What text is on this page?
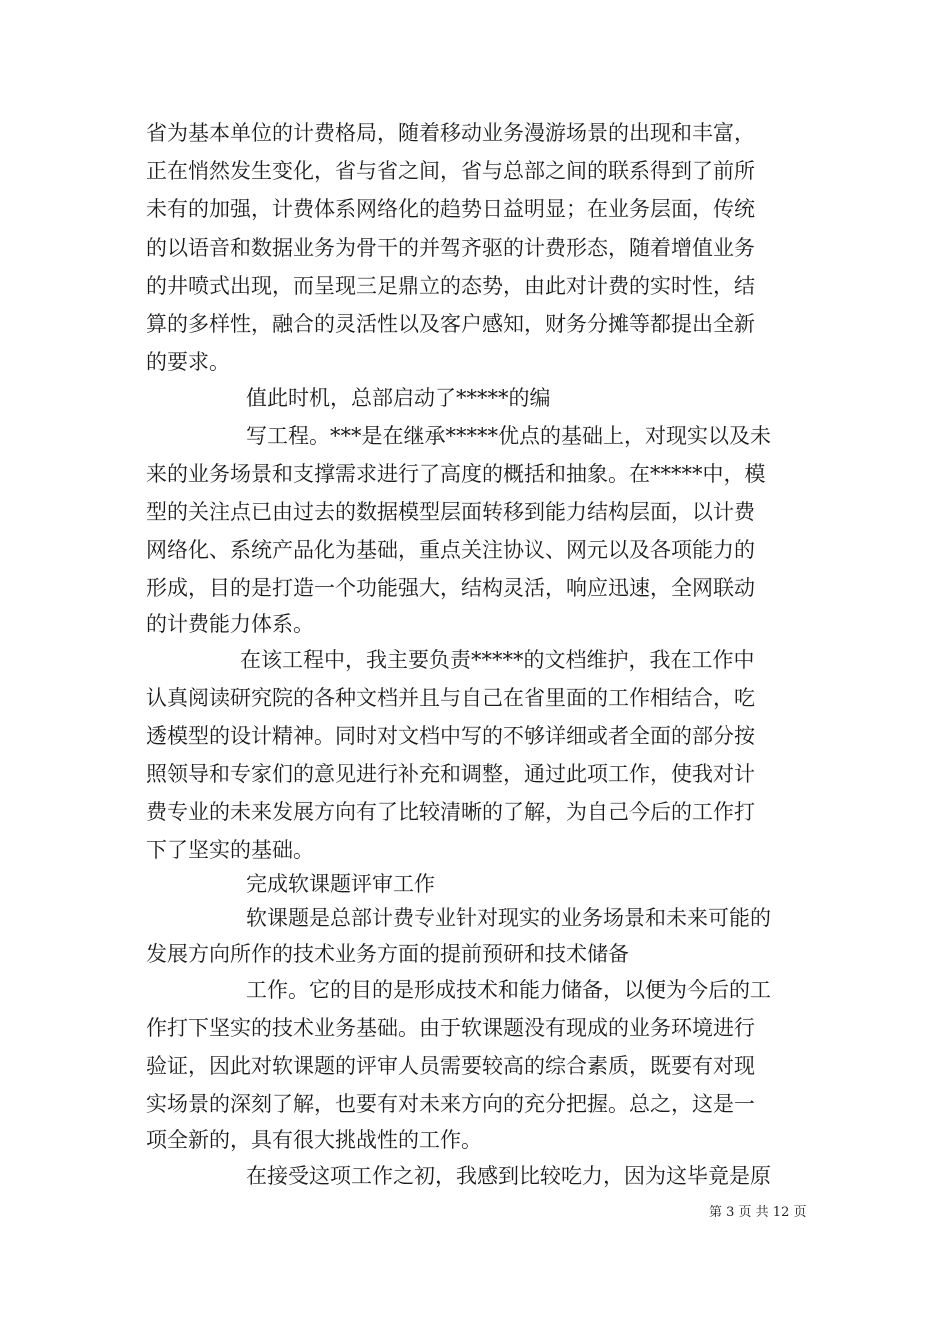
省为基本单位的计费格局，随着移动业务漫游场景的出现和丰富，
正在悄然发生变化，省与省之间，省与总部之间的联系得到了前所
未有的加强，计费体系网络化的趋势日益明显；在业务层面，传统
的以语音和数据业务为骨干的并驾齐驱的计费形态，随着增值业务
的井喷式出现，而呈现三足鼎立的态势，由此对计费的实时性，结
算的多样性，融合的灵活性以及客户感知，财务分摊等都提出全新
的要求。
值此时机，总部启动了*****的编
写工程。***是在继承*****优点的基础上，对现实以及未
来的业务场景和支撑需求进行了高度的概括和抽象。在*****中，模
型的关注点已由过去的数据模型层面转移到能力结构层面，以计费
网络化、系统产品化为基础，重点关注协议、网元以及各项能力的
形成，目的是打造一个功能强大，结构灵活，响应迅速，全网联动
的计费能力体系。
在该工程中，我主要负责*****的文档维护，我在工作中
认真阅读研究院的各种文档并且与自己在省里面的工作相结合，吃
透模型的设计精神。同时对文档中写的不够详细或者全面的部分按
照领导和专家们的意见进行补充和调整，通过此项工作，使我对计
费专业的未来发展方向有了比较清晰的了解，为自己今后的工作打
下了坚实的基础。
完成软课题评审工作
软课题是总部计费专业针对现实的业务场景和未来可能的
发展方向所作的技术业务方面的提前预研和技术储备
工作。它的目的是形成技术和能力储备，以便为今后的工
作打下坚实的技术业务基础。由于软课题没有现成的业务环境进行
验证，因此对软课题的评审人员需要较高的综合素质，既要有对现
实场景的深刻了解，也要有对未来方向的充分把握。总之，这是一
项全新的，具有很大挑战性的工作。
在接受这项工作之初，我感到比较吃力，因为这毕竟是原
第 3 页 共 12 页
